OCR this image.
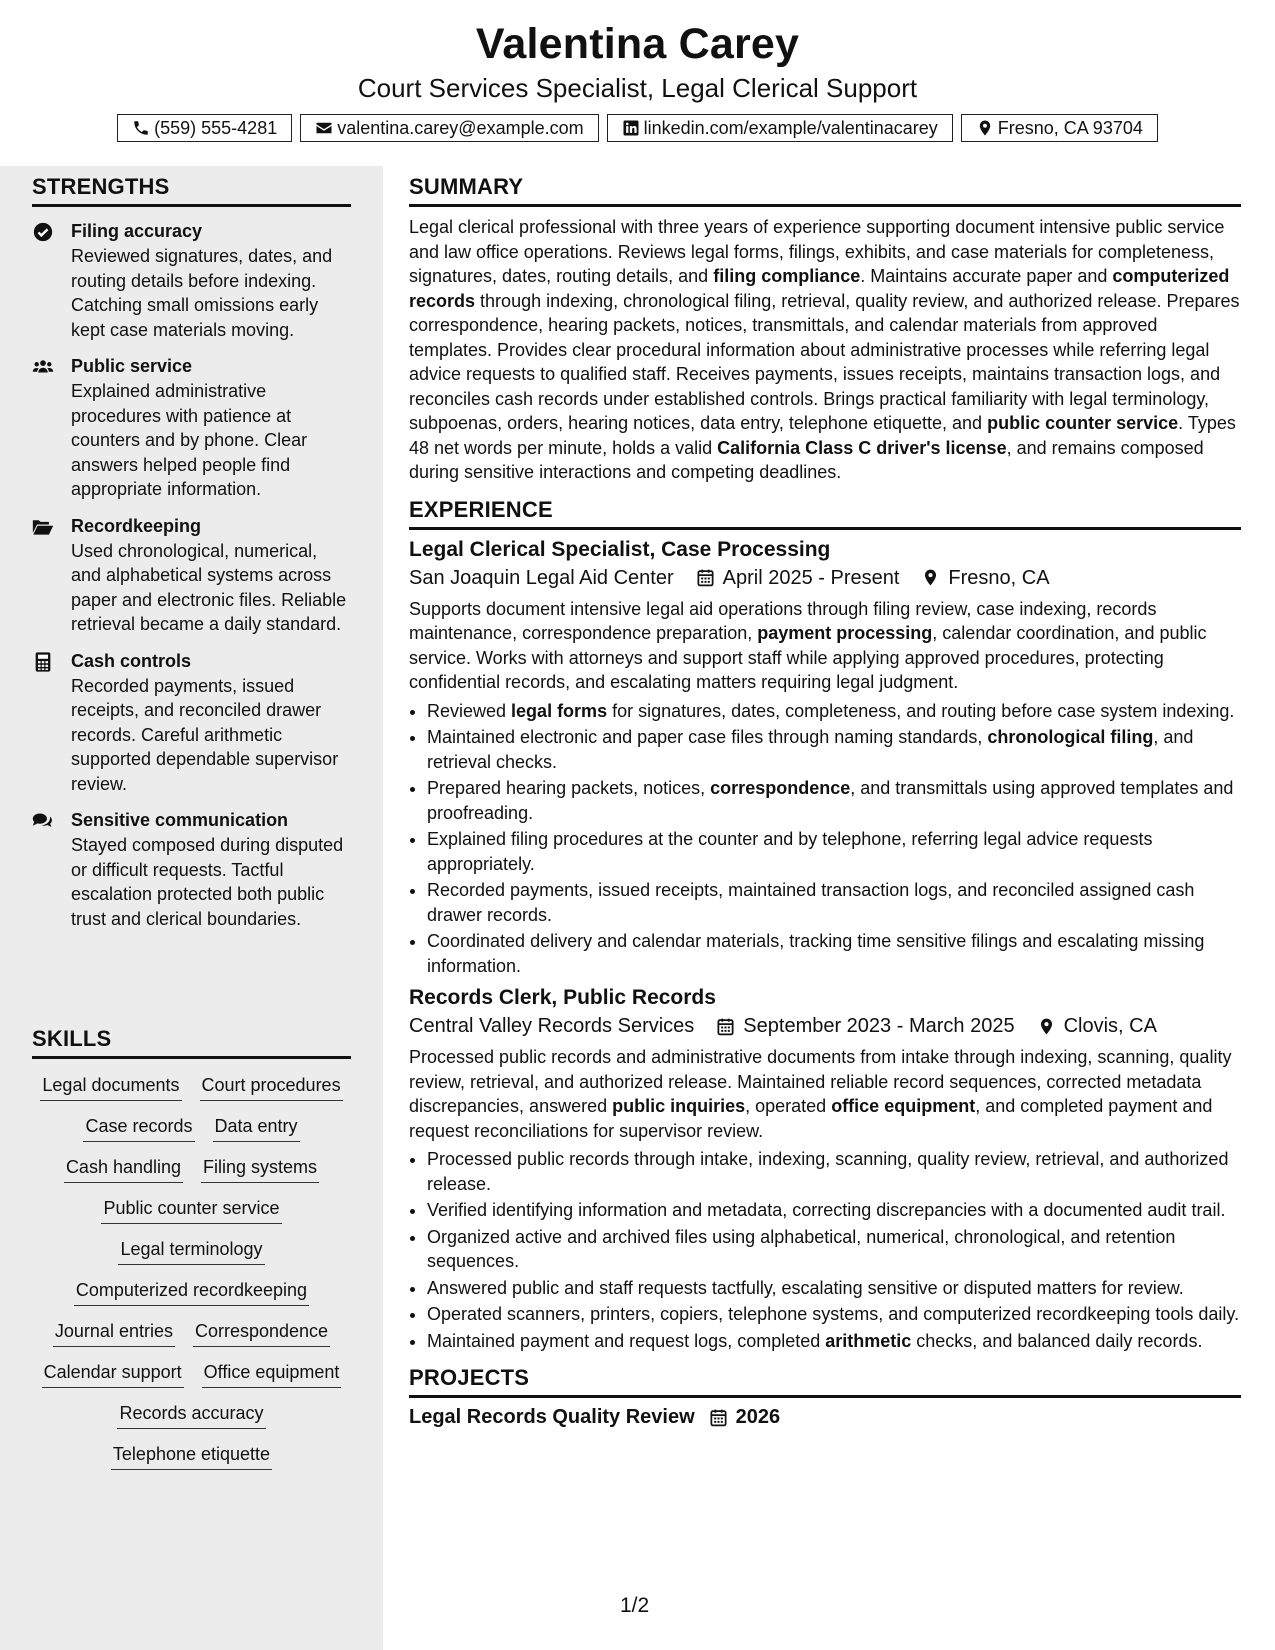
Valentina Carey
Court Services Specialist, Legal Clerical Support
(559) 555-4281	valentina.carey@example.com	linkedin.com/example/valentinacarey	Fresno, CA 93704
STRENGTHS
Filing accuracy
Reviewed signatures, dates, and routing details before indexing. Catching small omissions early kept case materials moving.
Public service
Explained administrative procedures with patience at counters and by phone. Clear answers helped people find appropriate information.
Recordkeeping
Used chronological, numerical, and alphabetical systems across paper and electronic files. Reliable retrieval became a daily standard.
Cash controls
Recorded payments, issued receipts, and reconciled drawer records. Careful arithmetic supported dependable supervisor review.
Sensitive communication
Stayed composed during disputed or difficult requests. Tactful escalation protected both public trust and clerical boundaries.
SKILLS
Legal documents Court procedures
Case records Data entry
Cash handling Filing systems
Public counter service
Legal terminology
Computerized recordkeeping
Journal entries Correspondence
Calendar support Office equipment
Records accuracy
Telephone etiquette
SUMMARY
Legal clerical professional with three years of experience supporting document intensive public service and law office operations. Reviews legal forms, filings, exhibits, and case materials for completeness, signatures, dates, routing details, and filing compliance. Maintains accurate paper and computerized records through indexing, chronological filing, retrieval, quality review, and authorized release. Prepares correspondence, hearing packets, notices, transmittals, and calendar materials from approved templates. Provides clear procedural information about administrative processes while referring legal advice requests to qualified staff. Receives payments, issues receipts, maintains transaction logs, and reconciles cash records under established controls. Brings practical familiarity with legal terminology, subpoenas, orders, hearing notices, data entry, telephone etiquette, and public counter service. Types 48 net words per minute, holds a valid California Class C driver's license, and remains composed during sensitive interactions and competing deadlines.
EXPERIENCE
Legal Clerical Specialist, Case Processing
San Joaquin Legal Aid Center April 2025 - Present Fresno, CA
Supports document intensive legal aid operations through filing review, case indexing, records maintenance, correspondence preparation, payment processing, calendar coordination, and public service. Works with attorneys and support staff while applying approved procedures, protecting confidential records, and escalating matters requiring legal judgment.
• Reviewed legal forms for signatures, dates, completeness, and routing before case system indexing.
• Maintained electronic and paper case files through naming standards, chronological filing, and retrieval checks.
• Prepared hearing packets, notices, correspondence, and transmittals using approved templates and proofreading.
• Explained filing procedures at the counter and by telephone, referring legal advice requests appropriately.
• Recorded payments, issued receipts, maintained transaction logs, and reconciled assigned cash drawer records.
• Coordinated delivery and calendar materials, tracking time sensitive filings and escalating missing information.
Records Clerk, Public Records
Central Valley Records Services September 2023 - March 2025 Clovis, CA
Processed public records and administrative documents from intake through indexing, scanning, quality review, retrieval, and authorized release. Maintained reliable record sequences, corrected metadata discrepancies, answered public inquiries, operated office equipment, and completed payment and request reconciliations for supervisor review.
• Processed public records through intake, indexing, scanning, quality review, retrieval, and authorized release.
• Verified identifying information and metadata, correcting discrepancies with a documented audit trail.
• Organized active and archived files using alphabetical, numerical, chronological, and retention sequences.
• Answered public and staff requests tactfully, escalating sensitive or disputed matters for review.
• Operated scanners, printers, copiers, telephone systems, and computerized recordkeeping tools daily.
• Maintained payment and request logs, completed arithmetic checks, and balanced daily records.
PROJECTS
Legal Records Quality Review 2026
1/2
